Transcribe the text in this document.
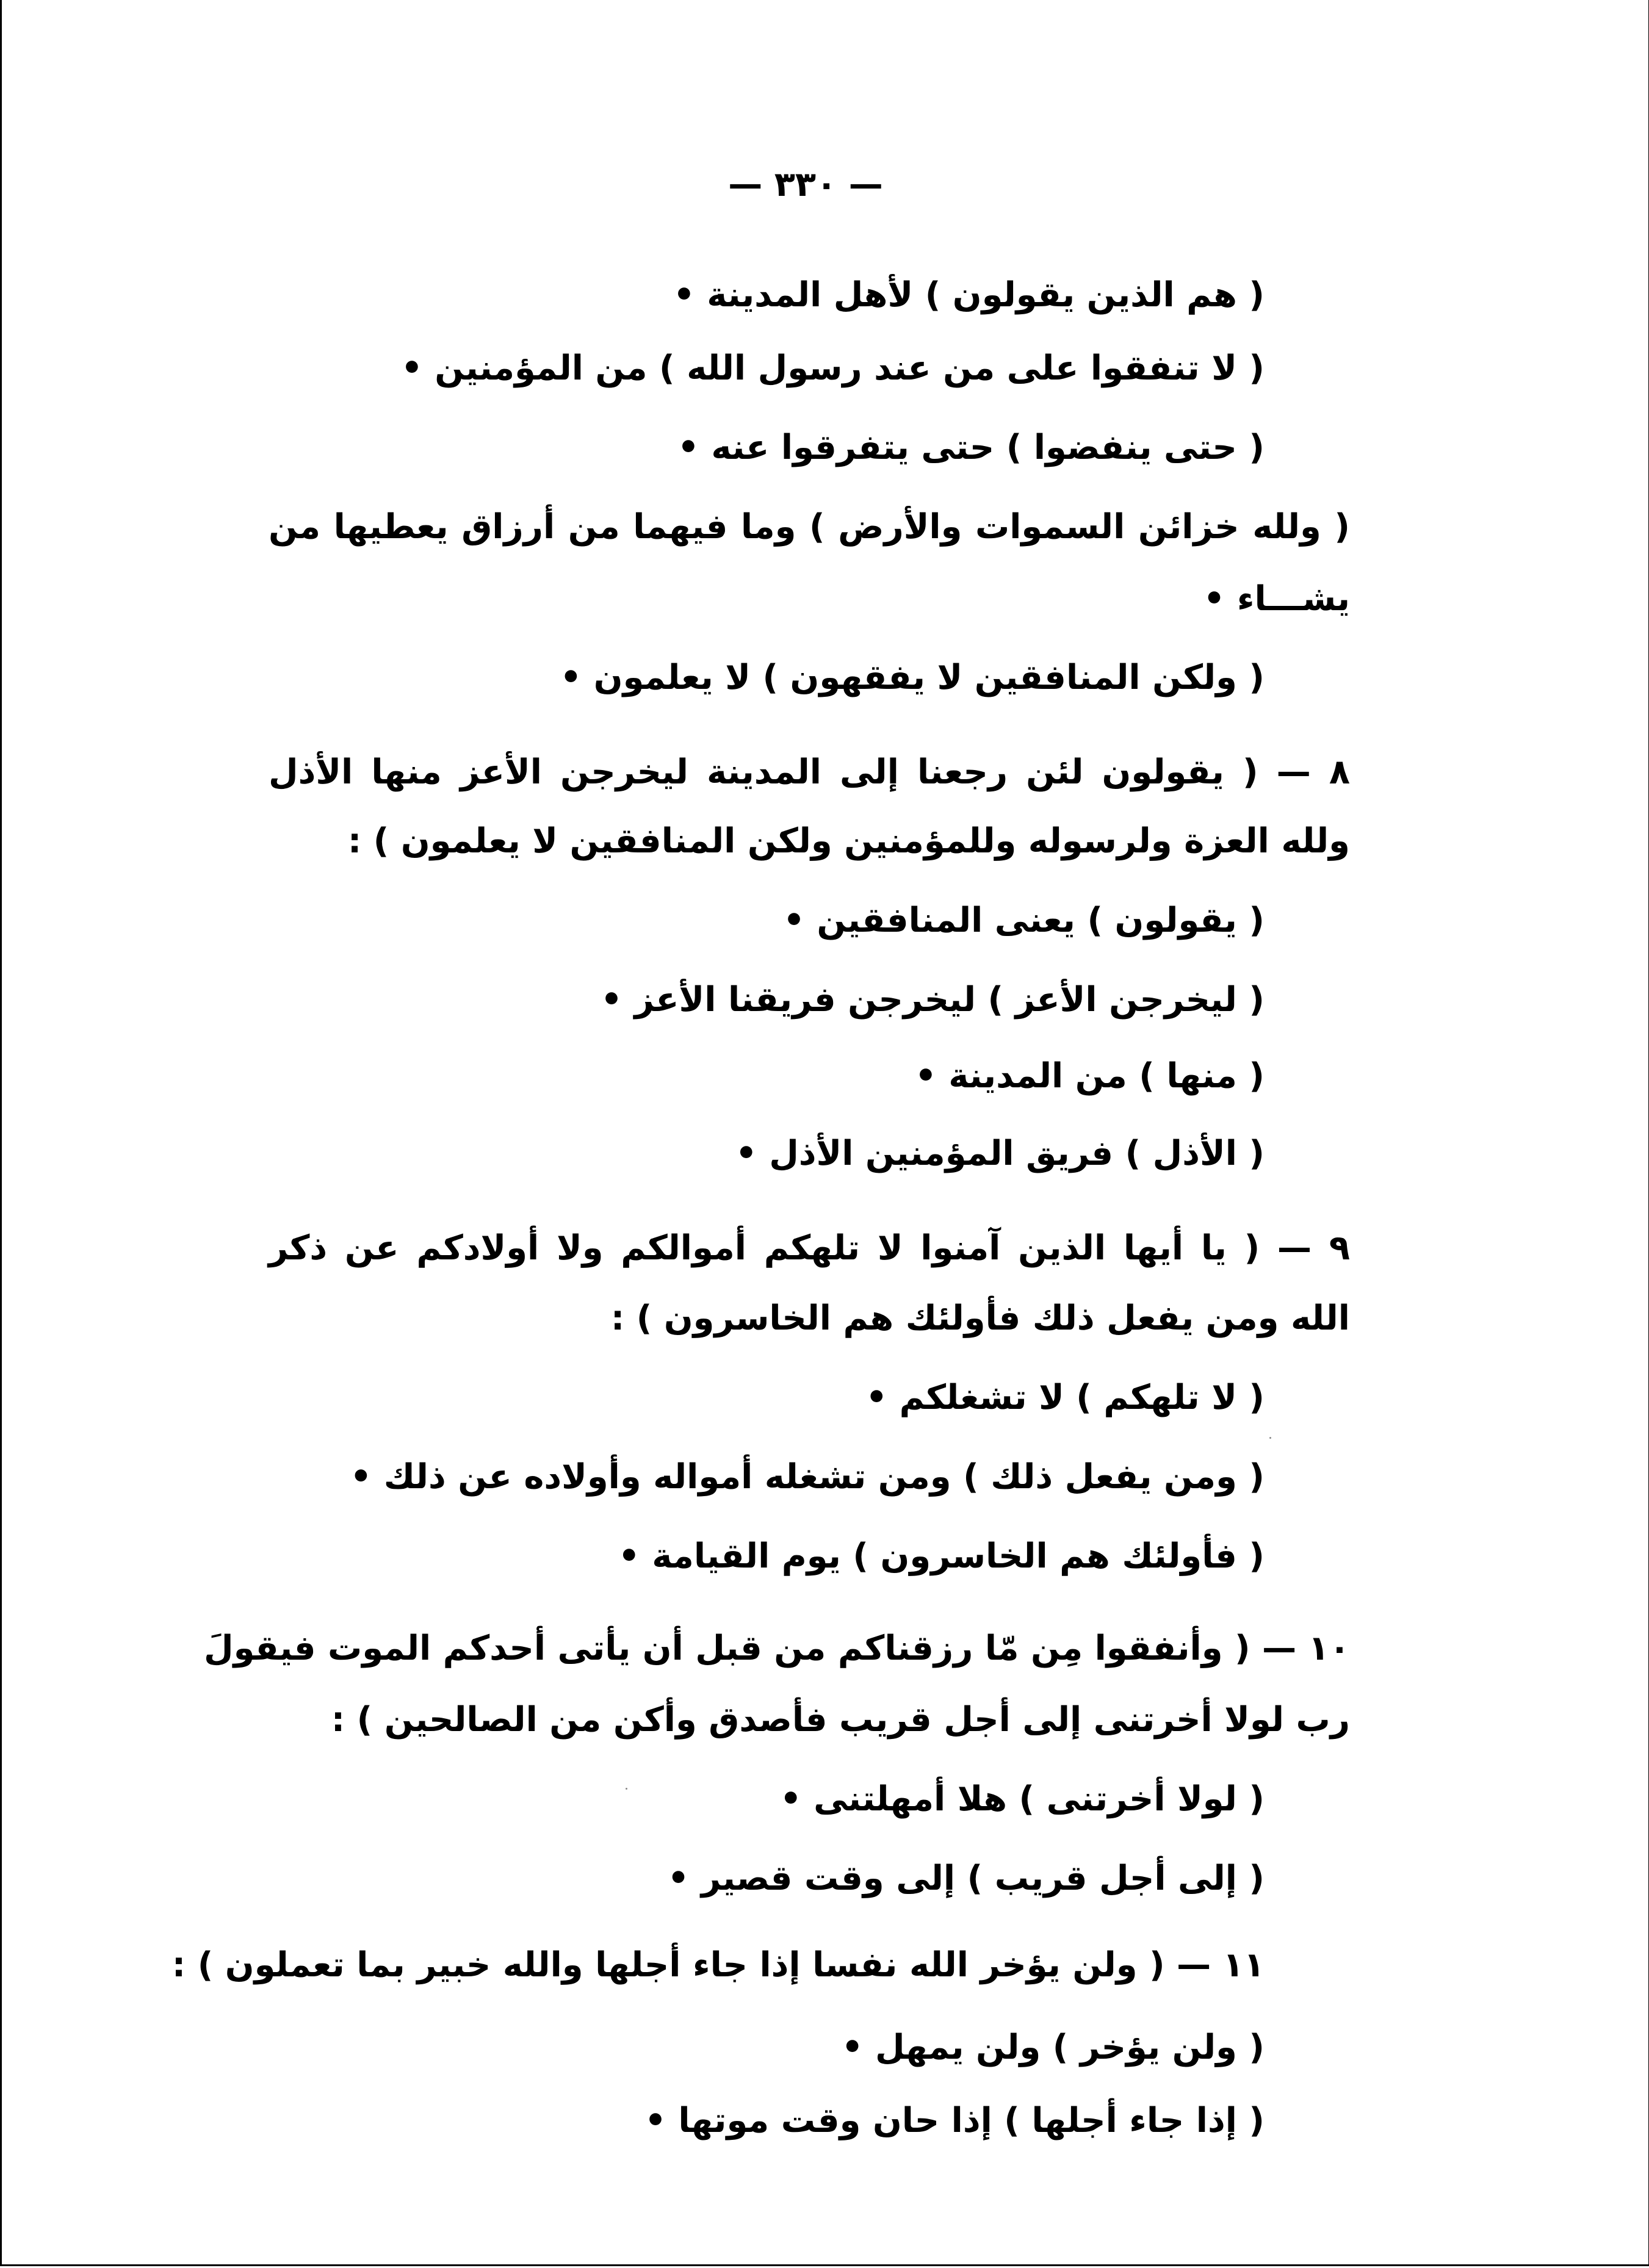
— ٣٣٠ —
( هم الذين يقولون ) لأهل المدينة •
( لا تنفقوا على من عند رسول الله ) من المؤمنين •
( حتى ينفضوا ) حتى يتفرقوا عنه •
( ولله خزائن السموات والأرض ) وما فيهما من أرزاق يعطيها من
يشـــاء •
( ولكن المنافقين لا يفقهون ) لا يعلمون •
٨ — ( يقولون لئن رجعنا إلى المدينة ليخرجن الأعز منها الأذل
ولله العزة ولرسوله وللمؤمنين ولكن المنافقين لا يعلمون ) :
( يقولون ) يعنى المنافقين •
( ليخرجن الأعز ) ليخرجن فريقنا الأعز •
( منها ) من المدينة •
( الأذل ) فريق المؤمنين الأذل •
٩ — ( يا أيها الذين آمنوا لا تلهكم أموالكم ولا أولادكم عن ذكر
الله ومن يفعل ذلك فأولئك هم الخاسرون ) :
( لا تلهكم ) لا تشغلكم •
( ومن يفعل ذلك ) ومن تشغله أمواله وأولاده عن ذلك •
( فأولئك هم الخاسرون ) يوم القيامة •
١٠ — ( وأنفقوا مِن مّا رزقناكم من قبل أن يأتى أحدكم الموت فيقولَ
رب لولا أخرتنى إلى أجل قريب فأصدق وأكن من الصالحين ) :
( لولا أخرتنى ) هلا أمهلتنى •
( إلى أجل قريب ) إلى وقت قصير •
١١ — ( ولن يؤخر الله نفسا إذا جاء أجلها والله خبير بما تعملون ) :
( ولن يؤخر ) ولن يمهل •
( إذا جاء أجلها ) إذا حان وقت موتها •
